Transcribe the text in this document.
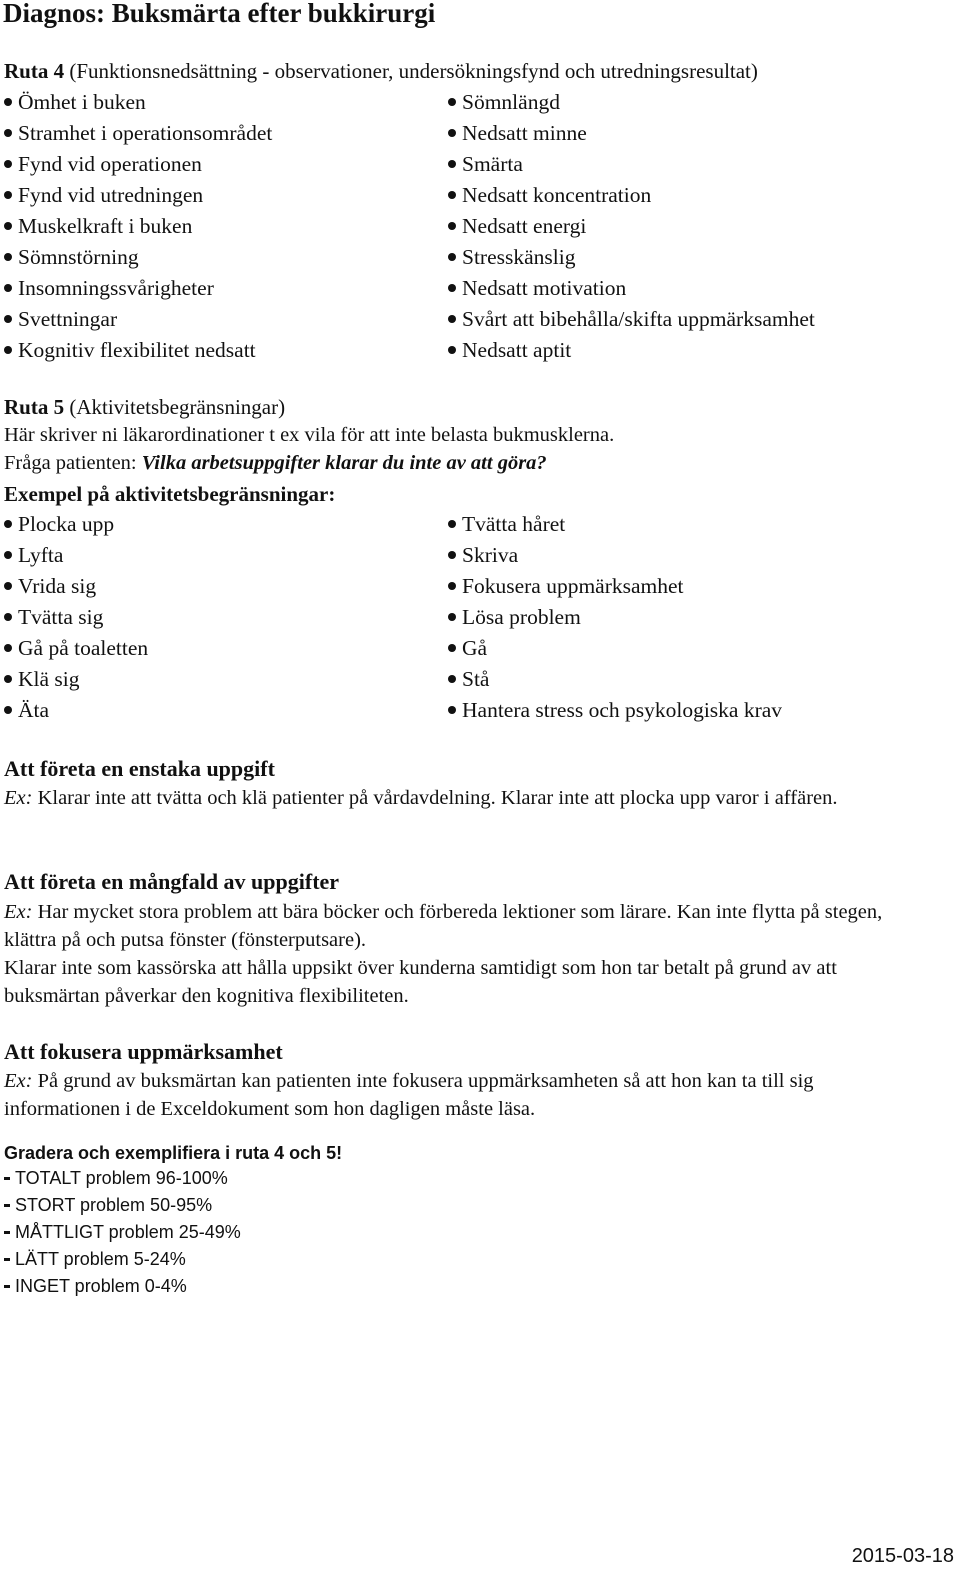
Diagnos: Buksmärta efter bukkirurgi
Ruta 4 (Funktionsnedsättning - observationer, undersökningsfynd och utredningsresultat)
Ömhet i buken	Sömnlängd
Stramhet i operationsområdet	Nedsatt minne
Fynd vid operationen	Smärta
Fynd vid utredningen	Nedsatt koncentration
Muskelkraft i buken	Nedsatt energi
Sömnstörning	Stresskänslig
Insomningssvårigheter	Nedsatt motivation
Svettningar	Svårt att bibehålla/skifta uppmärksamhet
Kognitiv flexibilitet nedsatt	Nedsatt aptit
Ruta 5 (Aktivitetsbegränsningar)
Här skriver ni läkarordinationer t ex vila för att inte belasta bukmusklerna.
Fråga patienten: Vilka arbetsuppgifter klarar du inte av att göra?
Exempel på aktivitetsbegränsningar:
Plocka upp	Tvätta håret
Lyfta	Skriva
Vrida sig	Fokusera uppmärksamhet
Tvätta sig	Lösa problem
Gå på toaletten	Gå
Klä sig	Stå
Äta	Hantera stress och psykologiska krav
Att företa en enstaka uppgift
Ex: Klarar inte att tvätta och klä patienter på vårdavdelning. Klarar inte att plocka upp varor i affären.
Att företa en mångfald av uppgifter
Ex: Har mycket stora problem att bära böcker och förbereda lektioner som lärare. Kan inte flytta på stegen, klättra på och putsa fönster (fönsterputsare).
Klarar inte som kassörska att hålla uppsikt över kunderna samtidigt som hon tar betalt på grund av att buksmärtan påverkar den kognitiva flexibiliteten.
Att fokusera uppmärksamhet
Ex: På grund av buksmärtan kan patienten inte fokusera uppmärksamheten så att hon kan ta till sig informationen i de Exceldokument som hon dagligen måste läsa.
Gradera och exemplifiera i ruta 4 och 5!
TOTALT problem 96-100%
STORT problem 50-95%
MÅTTLIGT problem 25-49%
LÄTT problem 5-24%
INGET problem 0-4%
2015-03-18
